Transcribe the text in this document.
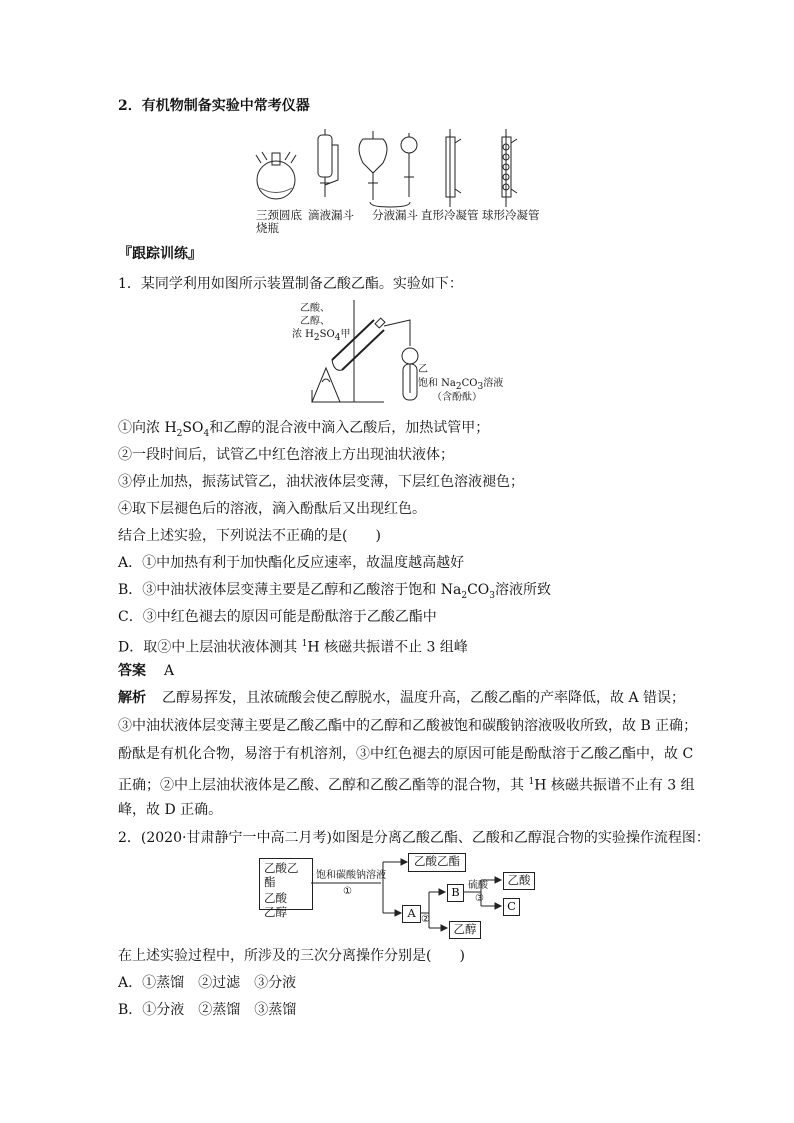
2．有机物制备实验中常考仪器
三颈圆底
烧瓶
滴液漏斗 分液漏斗 直形冷凝管 球形冷凝管
『跟踪训练』
1．某同学利用如图所示装置制备乙酸乙酯。实验如下：
乙酸、
乙醇、
浓 $H_2SO_4$甲
乙
饱和 $Na_2CO_3$溶液
（含酚酞）
①向浓 $H_2SO_4$和乙醇的混合液中滴入乙酸后，加热试管甲；
②一段时间后，试管乙中红色溶液上方出现油状液体；
③停止加热，振荡试管乙，油状液体层变薄，下层红色溶液褪色；
④取下层褪色后的溶液，滴入酚酞后又出现红色。
结合上述实验，下列说法不正确的是(　　)
A．①中加热有利于加快酯化反应速率，故温度越高越好
B．③中油状液体层变薄主要是乙醇和乙酸溶于饱和 $Na_2CO_3$溶液所致
C．③中红色褪去的原因可能是酚酞溶于乙酸乙酯中
D．取②中上层油状液体测其 $^1$H 核磁共振谱不止 3 组峰
答案 A
解析 乙醇易挥发，且浓硫酸会使乙醇脱水，温度升高，乙酸乙酯的产率降低，故 A 错误；
③中油状液体层变薄主要是乙酸乙酯中的乙醇和乙酸被饱和碳酸钠溶液吸收所致，故 B 正确；
酚酞是有机化合物，易溶于有机溶剂，③中红色褪去的原因可能是酚酞溶于乙酸乙酯中，故 C
正确；②中上层油状液体是乙酸、乙醇和乙酸乙酯等的混合物，其 $^1$H 核磁共振谱不止有 3 组
峰，故 D 正确。
2．(2020·甘肃静宁一中高二月考)如图是分离乙酸乙酯、乙酸和乙醇混合物的实验操作流程图：
乙酸乙酯
乙酸
乙醇
饱和碳酸钠溶液
①
乙酸乙酯
A ②
B 硫酸
③
乙醇
乙酸
C
在上述实验过程中，所涉及的三次分离操作分别是(　　)
A．①蒸馏　②过滤　③分液
B．①分液　②蒸馏　③蒸馏
